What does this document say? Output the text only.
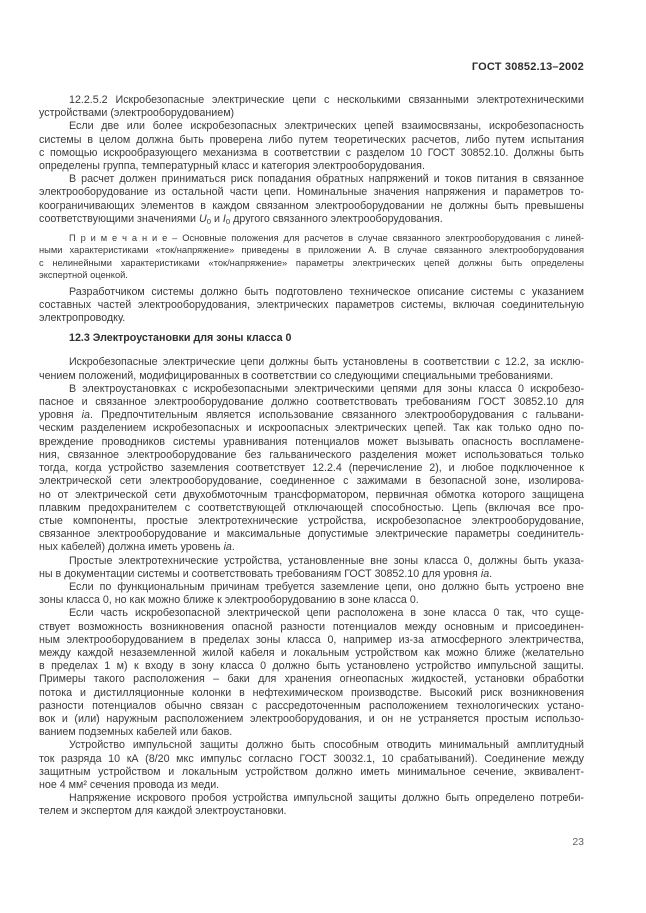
ГОСТ 30852.13–2002
12.2.5.2 Искробезопасные электрические цепи с несколькими связанными электротехническими
устройствами (электрооборудованием)
Если две или более искробезопасных электрических цепей взаимосвязаны, искробезопасность
системы в целом должна быть проверена либо путем теоретических расчетов, либо путем испытания
с помощью искрообразующего механизма в соответствии с разделом 10 ГОСТ 30852.10. Должны быть
определены группа, температурный класс и категория электрооборудования.
В расчет должен приниматься риск попадания обратных напряжений и токов питания в связанное
электрооборудование из остальной части цепи. Номинальные значения напряжения и параметров то-
коограничивающих элементов в каждом связанном электрооборудовании не должны быть превышены
соответствующими значениями $U_0$ и $I_0$ другого связанного электрооборудования.
П р и м е ч а н и е – Основные положения для расчетов в случае связанного электрооборудования с линей-
ными характеристиками «ток/напряжение» приведены в приложении А. В случае связанного электрооборудования
с нелинейными характеристиками «ток/напряжение» параметры электрических цепей должны быть определены
экспертной оценкой.
Разработчиком системы должно быть подготовлено техническое описание системы с указанием
составных частей электрооборудования, электрических параметров системы, включая соединительную
электропроводку.
12.3 Электроустановки для зоны класса 0
Искробезопасные электрические цепи должны быть установлены в соответствии с 12.2, за исклю-
чением положений, модифицированных в соответствии со следующими специальными требованиями.
В электроустановках с искробезопасными электрическими цепями для зоны класса 0 искробезо-
пасное и связанное электрооборудование должно соответствовать требованиям ГОСТ 30852.10 для
уровня ia. Предпочтительным является использование связанного электрооборудования с гальвани-
ческим разделением искробезопасных и искроопасных электрических цепей. Так как только одно по-
вреждение проводников системы уравнивания потенциалов может вызывать опасность воспламене-
ния, связанное электрооборудование без гальванического разделения может использоваться только
тогда, когда устройство заземления соответствует 12.2.4 (перечисление 2), и любое подключенное к
электрической сети электрооборудование, соединенное с зажимами в безопасной зоне, изолирова-
но от электрической сети двухобмоточным трансформатором, первичная обмотка которого защищена
плавким предохранителем с соответствующей отключающей способностью. Цепь (включая все про-
стые компоненты, простые электротехнические устройства, искробезопасное электрооборудование,
связанное электрооборудование и максимальные допустимые электрические параметры соединитель-
ных кабелей) должна иметь уровень ia.
Простые электротехнические устройства, установленные вне зоны класса 0, должны быть указа-
ны в документации системы и соответствовать требованиям ГОСТ 30852.10 для уровня ia.
Если по функциональным причинам требуется заземление цепи, оно должно быть устроено вне
зоны класса 0, но как можно ближе к электрооборудованию в зоне класса 0.
Если часть искробезопасной электрической цепи расположена в зоне класса 0 так, что суще-
ствует возможность возникновения опасной разности потенциалов между основным и присоединен-
ным электрооборудованием в пределах зоны класса 0, например из-за атмосферного электричества,
между каждой незаземленной жилой кабеля и локальным устройством как можно ближе (желательно
в пределах 1 м) к входу в зону класса 0 должно быть установлено устройство импульсной защиты.
Примеры такого расположения – баки для хранения огнеопасных жидкостей, установки обработки
потока и дистилляционные колонки в нефтехимическом производстве. Высокий риск возникновения
разности потенциалов обычно связан с рассредоточенным расположением технологических устано-
вок и (или) наружным расположением электрооборудования, и он не устраняется простым использо-
ванием подземных кабелей или баков.
Устройство импульсной защиты должно быть способным отводить минимальный амплитудный
ток разряда 10 кА (8/20 мкс импульс согласно ГОСТ 30032.1, 10 срабатываний). Соединение между
защитным устройством и локальным устройством должно иметь минимальное сечение, эквивалент-
ное 4 мм² сечения провода из меди.
Напряжение искрового пробоя устройства импульсной защиты должно быть определено потреби-
телем и экспертом для каждой электроустановки.
23
